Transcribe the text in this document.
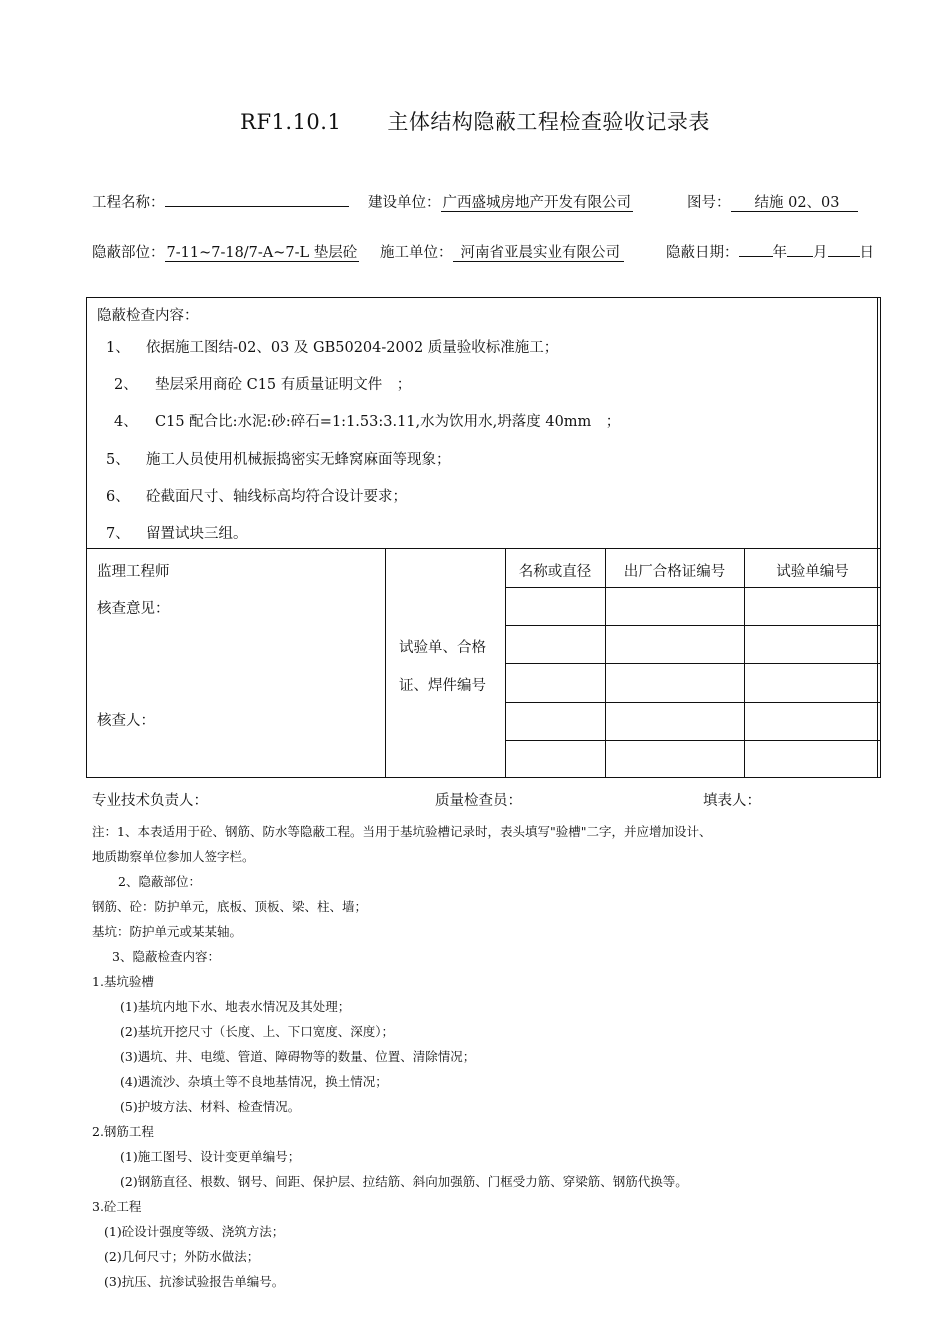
RF1.10.1 主体结构隐蔽工程检查验收记录表
工程名称：	建设单位： 广西盛城房地产开发有限公司	图号： 结施 02、03
隐蔽部位： 7-11~7-18/7-A~7-L 垫层砼 施工单位： 河南省亚晨实业有限公司	隐蔽日期： 年 月 日
隐蔽检查内容：
1、 依据施工图结-02、03 及 GB50204-2002 质量验收标准施工；
2、 垫层采用商砼 C15 有质量证明文件　；
4、 C15 配合比:水泥:砂:碎石=1:1.53:3.11,水为饮用水,坍落度 40mm　；
5、 施工人员使用机械振捣密实无蜂窝麻面等现象；
6、 砼截面尺寸、轴线标高均符合设计要求；
7、 留置试块三组。
监理工程师
核查意见：
核查人：
试验单、合格
证、焊件编号
名称或直径	出厂合格证编号	试验单编号
专业技术负责人：	质量检查员：	填表人：
注：1、本表适用于砼、钢筋、防水等隐蔽工程。当用于基坑验槽记录时，表头填写"验槽"二字，并应增加设计、
地质勘察单位参加人签字栏。
2、隐蔽部位：
钢筋、砼：防护单元，底板、顶板、梁、柱、墙；
基坑：防护单元或某某轴。
3、隐蔽检查内容：
1.基坑验槽
(1)基坑内地下水、地表水情况及其处理；
(2)基坑开挖尺寸（长度、上、下口宽度、深度）；
(3)遇坑、井、电缆、管道、障碍物等的数量、位置、清除情况；
(4)遇流沙、杂填土等不良地基情况，换土情况；
(5)护坡方法、材料、检查情况。
2.钢筋工程
(1)施工图号、设计变更单编号；
(2)钢筋直径、根数、钢号、间距、保护层、拉结筋、斜向加强筋、门框受力筋、穿梁筋、钢筋代换等。
3.砼工程
(1)砼设计强度等级、浇筑方法；
(2)几何尺寸；外防水做法；
(3)抗压、抗渗试验报告单编号。
